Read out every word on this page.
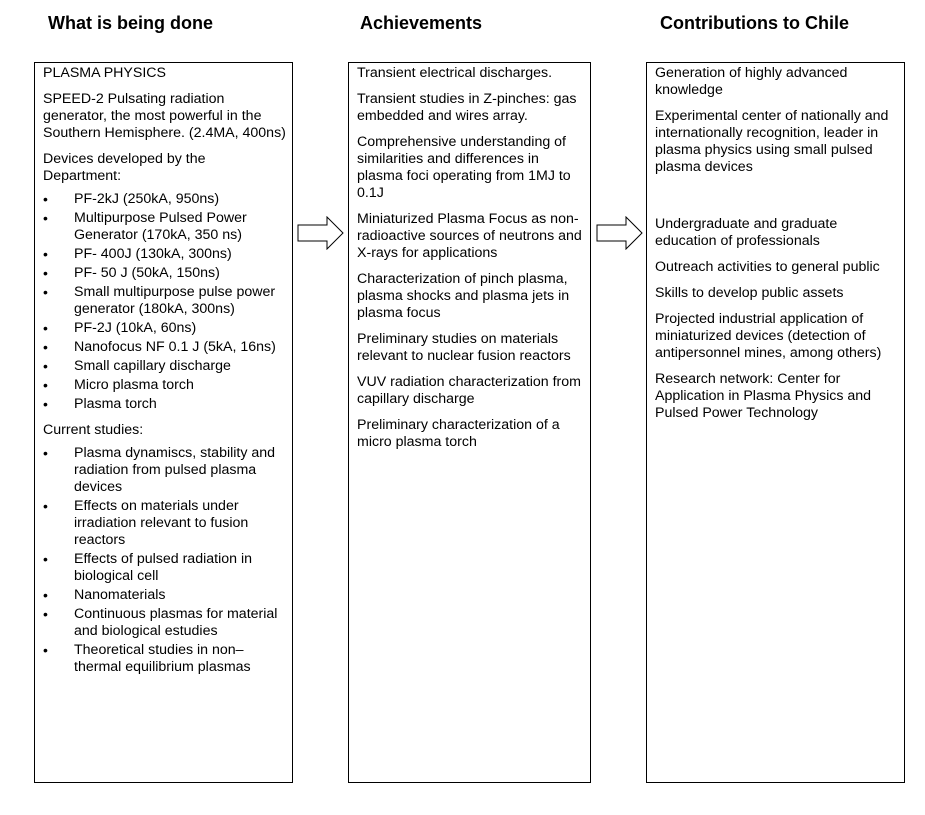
What is being done	Achievements	Contributions to Chile

PLASMA PHYSICS

SPEED-2 Pulsating radiation generator, the most powerful in the Southern Hemisphere. (2.4MA, 400ns)

Devices developed by the Department:

• PF-2kJ (250kA, 950ns)
• Multipurpose Pulsed Power Generator (170kA, 350 ns)
• PF- 400J (130kA, 300ns)
• PF- 50 J (50kA, 150ns)
• Small multipurpose pulse power generator (180kA, 300ns)
• PF-2J (10kA, 60ns)
• Nanofocus NF 0.1 J (5kA, 16ns)
• Small capillary discharge
• Micro plasma torch
• Plasma torch

Current studies:

• Plasma dynamiscs, stability and radiation from pulsed plasma devices
• Effects on materials under irradiation relevant to fusion reactors
• Effects of pulsed radiation in biological cell
• Nanomaterials
• Continuous plasmas for material and biological estudies
• Theoretical studies in non–thermal equilibrium plasmas

Transient electrical discharges.

Transient studies in Z-pinches: gas embedded and wires array.

Comprehensive understanding of similarities and differences in plasma foci operating from 1MJ to 0.1J

Miniaturized Plasma Focus as non-radioactive sources of neutrons and X-rays for applications

Characterization of pinch plasma, plasma shocks and plasma jets in plasma focus

Preliminary studies on materials relevant to nuclear fusion reactors

VUV radiation characterization from capillary discharge

Preliminary characterization of a micro plasma torch

Generation of highly advanced knowledge

Experimental center of nationally and internationally recognition, leader in plasma physics using small pulsed plasma devices

Undergraduate and graduate education of professionals

Outreach activities to general public

Skills to develop public assets

Projected industrial application of miniaturized devices (detection of antipersonnel mines, among others)

Research network: Center for Application in Plasma Physics and Pulsed Power Technology
